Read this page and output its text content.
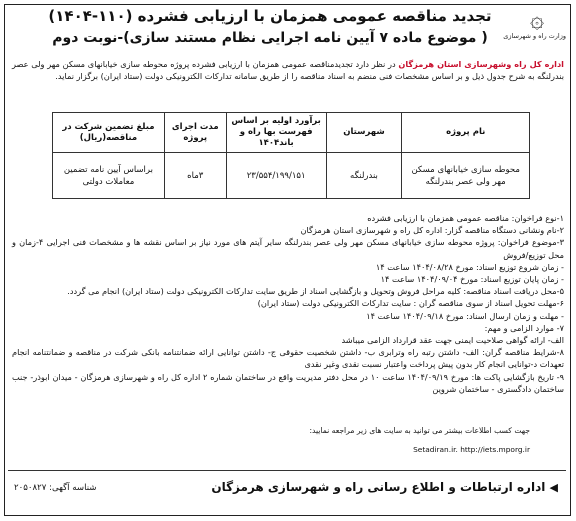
۞
وزارت راه و شهرسازی
تجدید مناقصه عمومی همزمان با ارزیابی فشرده (۱۱۰-۱۴۰۴)
( موضوع ماده ۷ آیین نامه اجرایی نظام مستند سازی)-نوبت دوم
اداره کل راه وشهرسازی استان هرمزگان در نظر دارد تجدیدمناقصه عمومی همزمان با ارزیابی فشرده پروژه محوطه سازی خیابانهای مسکن مهر ولی عصر بندرلنگه به شرح جدول ذیل و بر اساس مشخصات فنی منضم به اسناد مناقصه را از طریق سامانه تدارکات الکترونیکی دولت (ستاد ایران) برگزار نماید.
نام پروژه	شهرستان	برآورد اولیه بر اساس فهرست بها راه و باند۱۴۰۴	مدت اجرای پروژه	مبلغ تضمین شرکت در مناقصه(ریال)
محوطه سازی خیابانهای مسکن مهر ولی عصر بندرلنگه	بندرلنگه	۲۳/۵۵۴/۱۹۹/۱۵۱	۳ماه	براساس آیین نامه تضمین معاملات دولتی
۱-نوع فراخوان: مناقصه عمومی همزمان با ارزیابی فشرده
۲-نام ونشانی دستگاه مناقصه گزار: اداره کل راه و شهرسازی استان هرمزگان
۳-موضوع فراخوان: پروژه محوطه سازی خیابانهای مسکن مهر ولی عصر بندرلنگه سایر آیتم های مورد نیاز بر اساس نقشه ها و مشخصات فنی اجرایی ۴-زمان و محل توزیع/فروش
- زمان شروع توزیع اسناد: مورخ ۱۴۰۴/۰۸/۲۸ ساعت ۱۴
- زمان پایان توزیع اسناد: مورخ ۱۴۰۴/۰۹/۰۴ ساعت ۱۴
۵-محل دریافت اسناد مناقصه: کلیه مراحل فروش وتحویل و بازگشایی اسناد از طریق سایت تدارکات الکترونیکی دولت (ستاد ایران) انجام می گردد.
۶-مهلت تحویل اسناد از سوی مناقصه گران : سایت تدارکات الکترونیکی دولت (ستاد ایران)
- مهلت و زمان ارسال اسناد: مورخ ۱۴۰۴/۰۹/۱۸ ساعت ۱۴
۷- موارد الزامی و مهم:
الف- ارائه گواهی صلاحیت ایمنی جهت عقد قرارداد الزامی میباشد
۸-شرایط مناقصه گران: الف- داشتن رتبه راه وترابری ب- داشتن شخصیت حقوقی ج- داشتن توانایی ارائه ضمانتنامه بانکی شرکت در مناقصه و ضمانتنامه انجام تعهدات د-توانایی انجام کار بدون پیش پرداخت واعتبار نسبت نقدی وغیر نقدی
۹- تاریخ بازگشایی پاکت ها: مورخ ۱۴۰۴/۰۹/۱۹ ساعت ۱۰ در محل دفتر مدیریت واقع در ساختمان شماره ۲ اداره کل راه و شهرسازی هرمزگان - میدان ابوذر- جنب ساختمان دادگستری - ساختمان شروین
جهت کسب اطلاعات بیشتر می توانید به سایت های زیر مراجعه نمایید:
Setadiran.ir. http://iets.mporg.ir
شناسه آگهی: ۲۰۵۰۸۲۷	◀ اداره ارتباطات و اطلاع رسانی راه و شهرسازی هرمزگان
